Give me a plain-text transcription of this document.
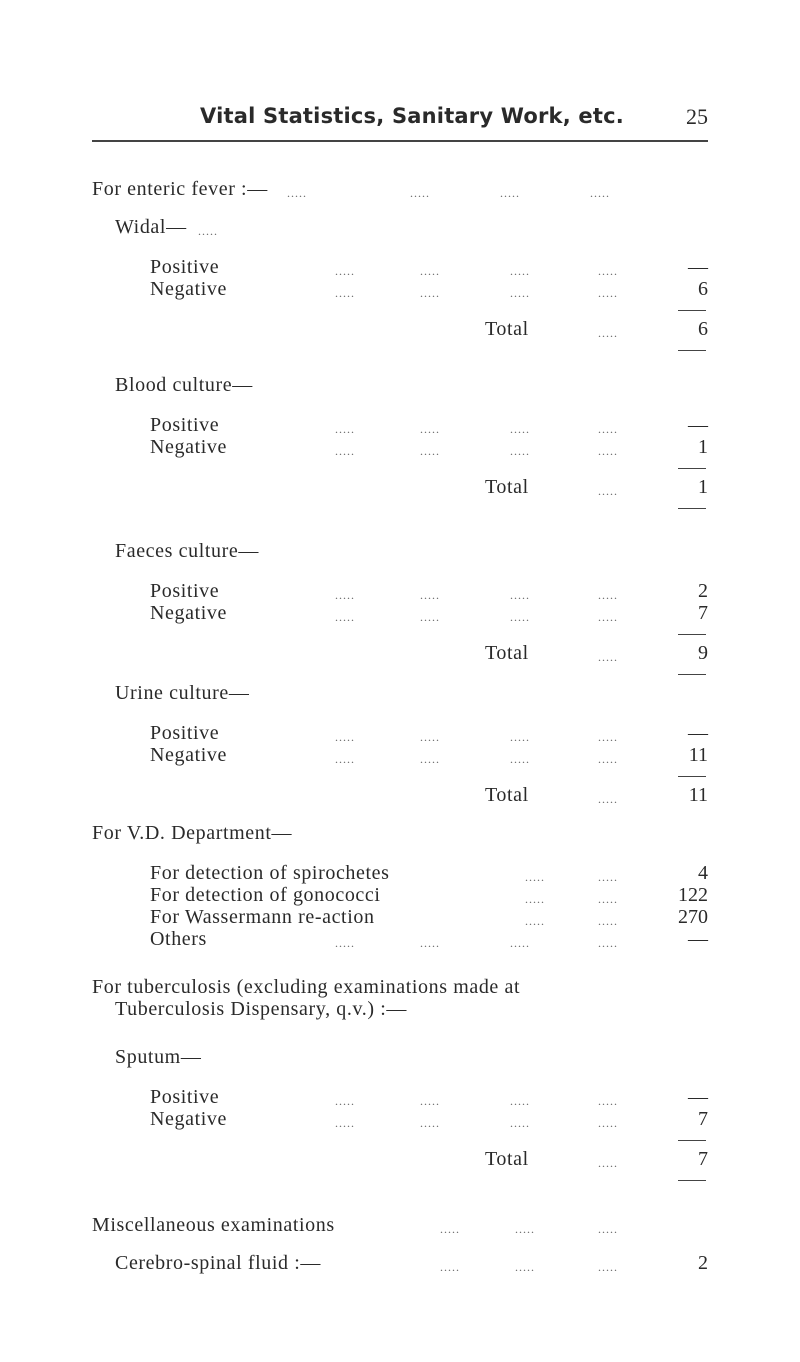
Vital Statistics, Sanitary Work, etc.	25
For enteric fever :— .....	.....	.....	.....
Widal— .....
Positive	.....	.....	.....	.....	—
Negative	.....	.....	.....	.....	6
Total	.....	6
Blood culture—
Positive	.....	.....	.....	.....	—
Negative	.....	.....	.....	.....	1
Total	.....	1
Faeces culture—
Positive	.....	.....	.....	.....	2
Negative	.....	.....	.....	.....	7
Total	.....	9
Urine culture—
Positive	.....	.....	.....	.....	—
Negative	.....	.....	.....	.....	11
Total	.....	11
For V.D. Department—
For detection of spirochetes	.....	.....	4
For detection of gonococci	.....	.....	122
For Wassermann re-action	.....	.....	270
Others	.....	.....	.....	.....	—
For tuberculosis (excluding examinations made at
Tuberculosis Dispensary, q.v.) :—
Sputum—
Positive	.....	.....	.....	.....	—
Negative	.....	.....	.....	.....	7
Total	.....	7
Miscellaneous examinations	.....	.....	.....
Cerebro-spinal fluid :—	.....	.....	.....	2
